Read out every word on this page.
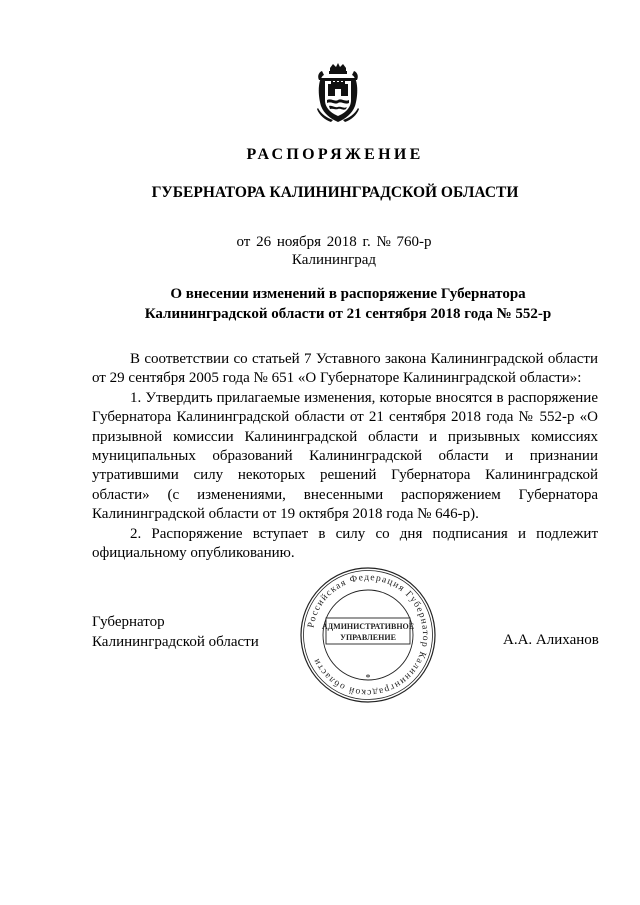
РАСПОРЯЖЕНИЕ
ГУБЕРНАТОРА КАЛИНИНГРАДСКОЙ ОБЛАСТИ
от 26 ноября 2018 г. № 760-р
Калининград
О внесении изменений в распоряжение Губернатора
Калининградской области от 21 сентября 2018 года № 552-р

В соответствии со статьей 7 Уставного закона Калининградской области от 29 сентября 2005 года № 651 «О Губернаторе Калининградской области»:

1. Утвердить прилагаемые изменения, которые вносятся в распоряжение Губернатора Калининградской области от 21 сентября 2018 года № 552-р «О призывной комиссии Калининградской области и призывных комиссиях муниципальных образований Калининградской области и признании утратившими силу некоторых решений Губернатора Калининградской области» (с изменениями, внесенными распоряжением Губернатора Калининградской области от 19 октября 2018 года № 646-р).

2. Распоряжение вступает в силу со дня подписания и подлежит официальному опубликованию.

Губернатор
Калининградской области
Российская Федерация Губернатор Калининградской области
АДМИНИСТРАТИВНОЕ
УПРАВЛЕНИЕ
*
А.А. Алиханов
